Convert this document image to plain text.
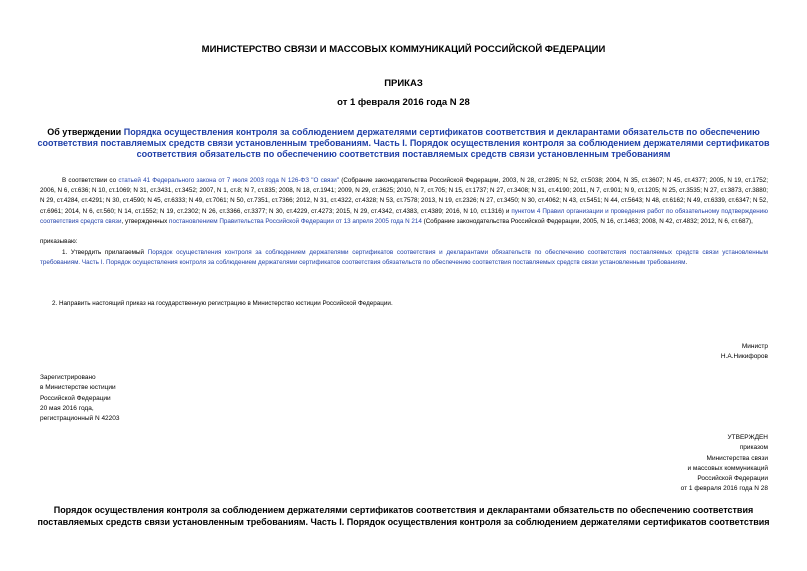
МИНИСТЕРСТВО СВЯЗИ И МАССОВЫХ КОММУНИКАЦИЙ РОССИЙСКОЙ ФЕДЕРАЦИИ
ПРИКАЗ
от 1 февраля 2016 года N 28
Об утверждении Порядка осуществления контроля за соблюдением держателями сертификатов соответствия и декларантами обязательств по обеспечению соответствия поставляемых средств связи установленным требованиям. Часть I. Порядок осуществления контроля за соблюдением держателями сертификатов соответствия обязательств по обеспечению соответствия поставляемых средств связи установленным требованиям
В соответствии со статьей 41 Федерального закона от 7 июля 2003 года N 126-ФЗ "О связи" (Собрание законодательства Российской Федерации, 2003, N 28, ст.2895; N 52, ст.5038; 2004, N 35, ст.3607; N 45, ст.4377; 2005, N 19, ст.1752; 2006, N 6, ст.636; N 10, ст.1069; N 31, ст.3431, ст.3452; 2007, N 1, ст.8; N 7, ст.835; 2008, N 18, ст.1941; 2009, N 29, ст.3625; 2010, N 7, ст.705; N 15, ст.1737; N 27, ст.3408; N 31, ст.4190; 2011, N 7, ст.901; N 9, ст.1205; N 25, ст.3535; N 27, ст.3873, ст.3880; N 29, ст.4284, ст.4291; N 30, ст.4590; N 45, ст.6333; N 49, ст.7061; N 50, ст.7351, ст.7366; 2012, N 31, ст.4322, ст.4328; N 53, ст.7578; 2013, N 19, ст.2326; N 27, ст.3450; N 30, ст.4062; N 43, ст.5451; N 44, ст.5643; N 48, ст.6162; N 49, ст.6339, ст.6347; N 52, ст.6961; 2014, N 6, ст.560; N 14, ст.1552; N 19, ст.2302; N 26, ст.3366, ст.3377; N 30, ст.4229, ст.4273; 2015, N 29, ст.4342, ст.4383, ст.4389; 2016, N 10, ст.1316) и пунктом 4 Правил организации и проведения работ по обязательному подтверждению соответствия средств связи, утвержденных постановлением Правительства Российской Федерации от 13 апреля 2005 года N 214 (Собрание законодательства Российской Федерации, 2005, N 16, ст.1463; 2008, N 42, ст.4832; 2012, N 6, ст.687),
приказываю:
1. Утвердить прилагаемый Порядок осуществления контроля за соблюдением держателями сертификатов соответствия и декларантами обязательств по обеспечению соответствия поставляемых средств связи установленным требованиям. Часть I. Порядок осуществления контроля за соблюдением держателями сертификатов соответствия обязательств по обеспечению соответствия поставляемых средств связи установленным требованиям.
2. Направить настоящий приказ на государственную регистрацию в Министерство юстиции Российской Федерации.
Министр
Н.А.Никифоров
Зарегистрировано
в Министерстве юстиции
Российской Федерации
20 мая 2016 года,
регистрационный N 42203
УТВЕРЖДЕН
приказом
Министерства связи
и массовых коммуникаций
Российской Федерации
от 1 февраля 2016 года N 28
Порядок осуществления контроля за соблюдением держателями сертификатов соответствия и декларантами обязательств по обеспечению соответствия поставляемых средств связи установленным требованиям. Часть I. Порядок осуществления контроля за соблюдением держателями сертификатов соответствия
